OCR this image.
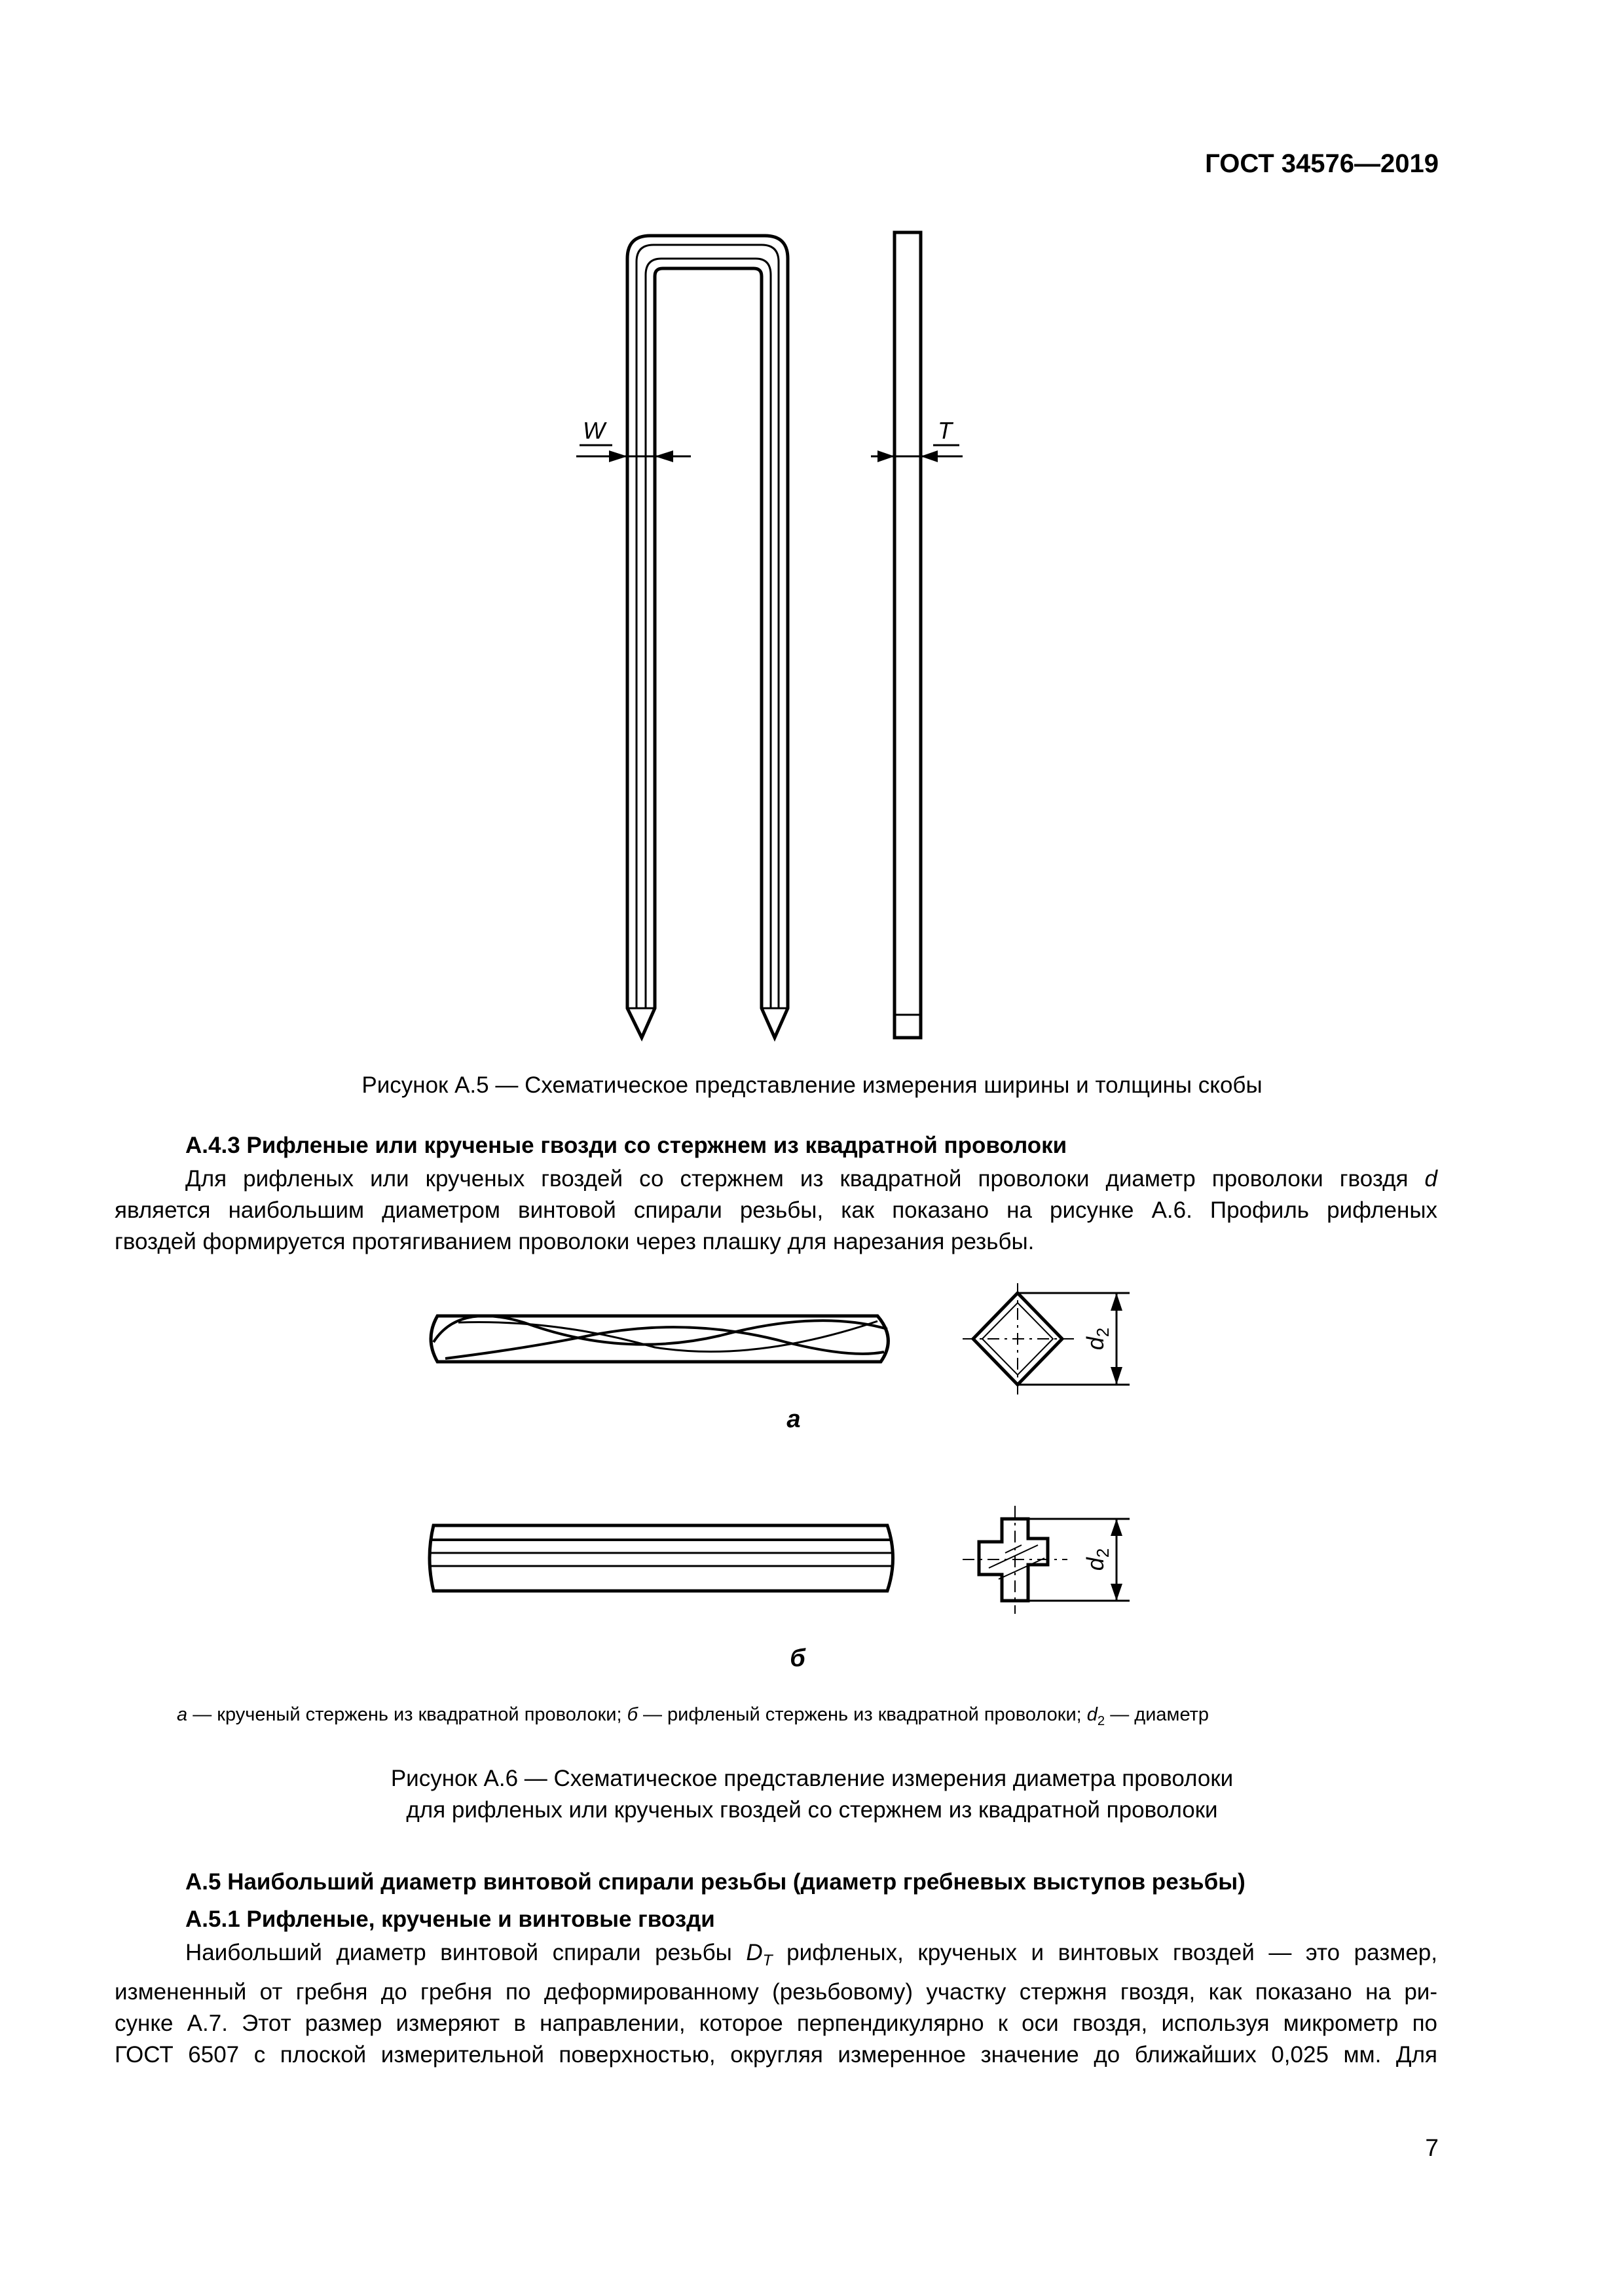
ГОСТ 34576—2019
W	T
Рисунок А.5 — Схематическое представление измерения ширины и толщины скобы
А.4.3 Рифленые или крученые гвозди со стержнем из квадратной проволоки
Для рифленых или крученых гвоздей со стержнем из квадратной проволоки диаметр проволоки гвоздя d
является наибольшим диаметром винтовой спирали резьбы, как показано на рисунке А.6. Профиль рифленых
гвоздей формируется протягиванием проволоки через плашку для нарезания резьбы.
$d_2$
а
$d_2$
б
а — крученый стержень из квадратной проволоки; б — рифленый стержень из квадратной проволоки; $d_2$ — диаметр
Рисунок А.6 — Схематическое представление измерения диаметра проволоки
для рифленых или крученых гвоздей со стержнем из квадратной проволоки
А.5 Наибольший диаметр винтовой спирали резьбы (диаметр гребневых выступов резьбы)
А.5.1 Рифленые, крученые и винтовые гвозди
Наибольший диаметр винтовой спирали резьбы $D_T$ рифленых, крученых и винтовых гвоздей — это размер,
измененный от гребня до гребня по деформированному (резьбовому) участку стержня гвоздя, как показано на ри-
сунке А.7. Этот размер измеряют в направлении, которое перпендикулярно к оси гвоздя, используя микрометр по
ГОСТ 6507 с плоской измерительной поверхностью, округляя измеренное значение до ближайших 0,025 мм. Для
7
